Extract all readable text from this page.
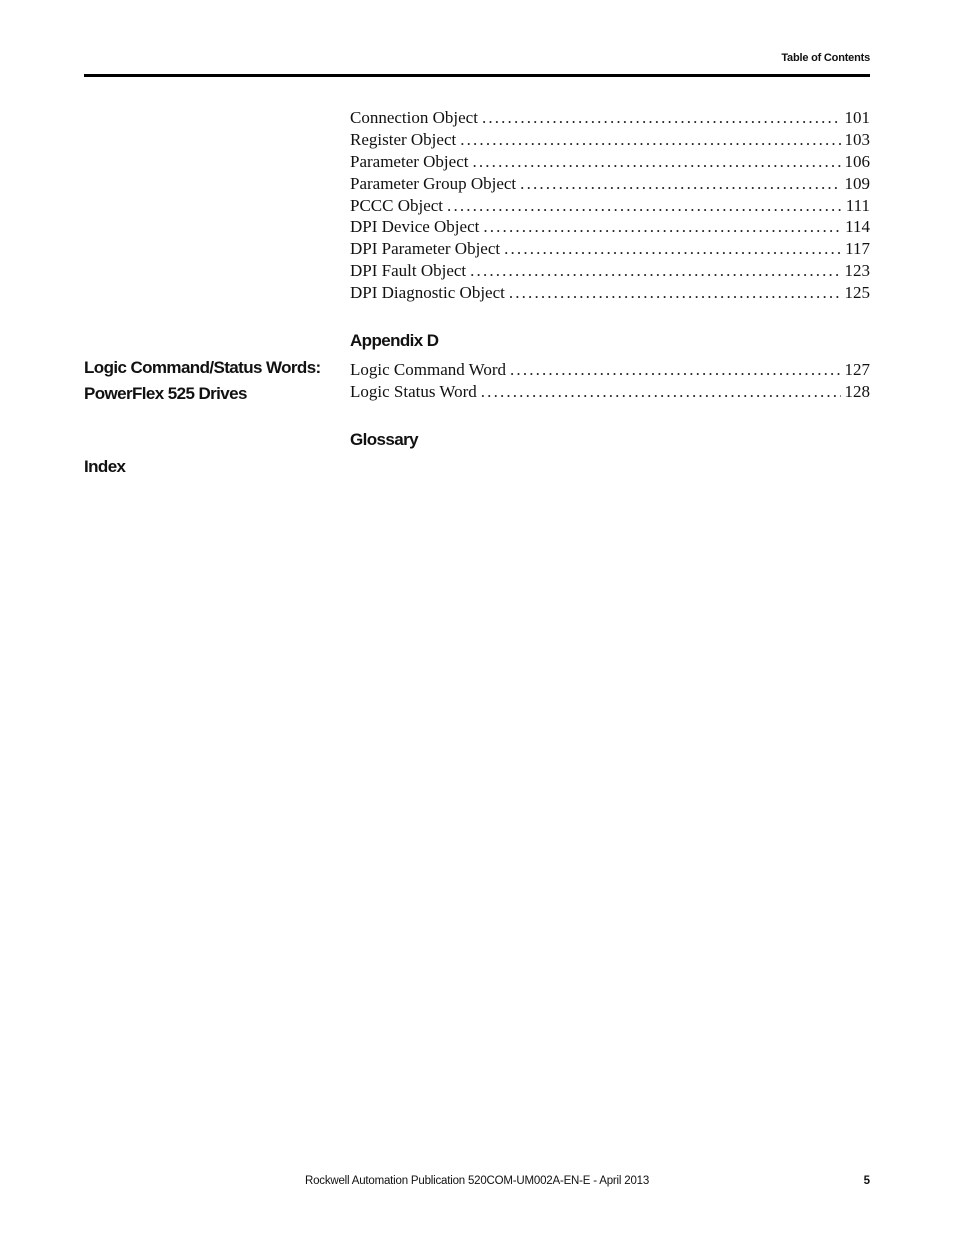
Table of Contents
Connection Object . . .	101
Register Object . . .	103
Parameter Object . . .	106
Parameter Group Object . . .	109
PCCC Object . . .	111
DPI Device Object . . .	114
DPI Parameter Object . . .	117
DPI Fault Object . . .	123
DPI Diagnostic Object . . .	125
Appendix D
Logic Command/Status Words:
PowerFlex 525 Drives
Logic Command Word . . .	127
Logic Status Word . . .	128
Glossary
Index
Rockwell Automation Publication 520COM-UM002A-EN-E - April 2013	5
